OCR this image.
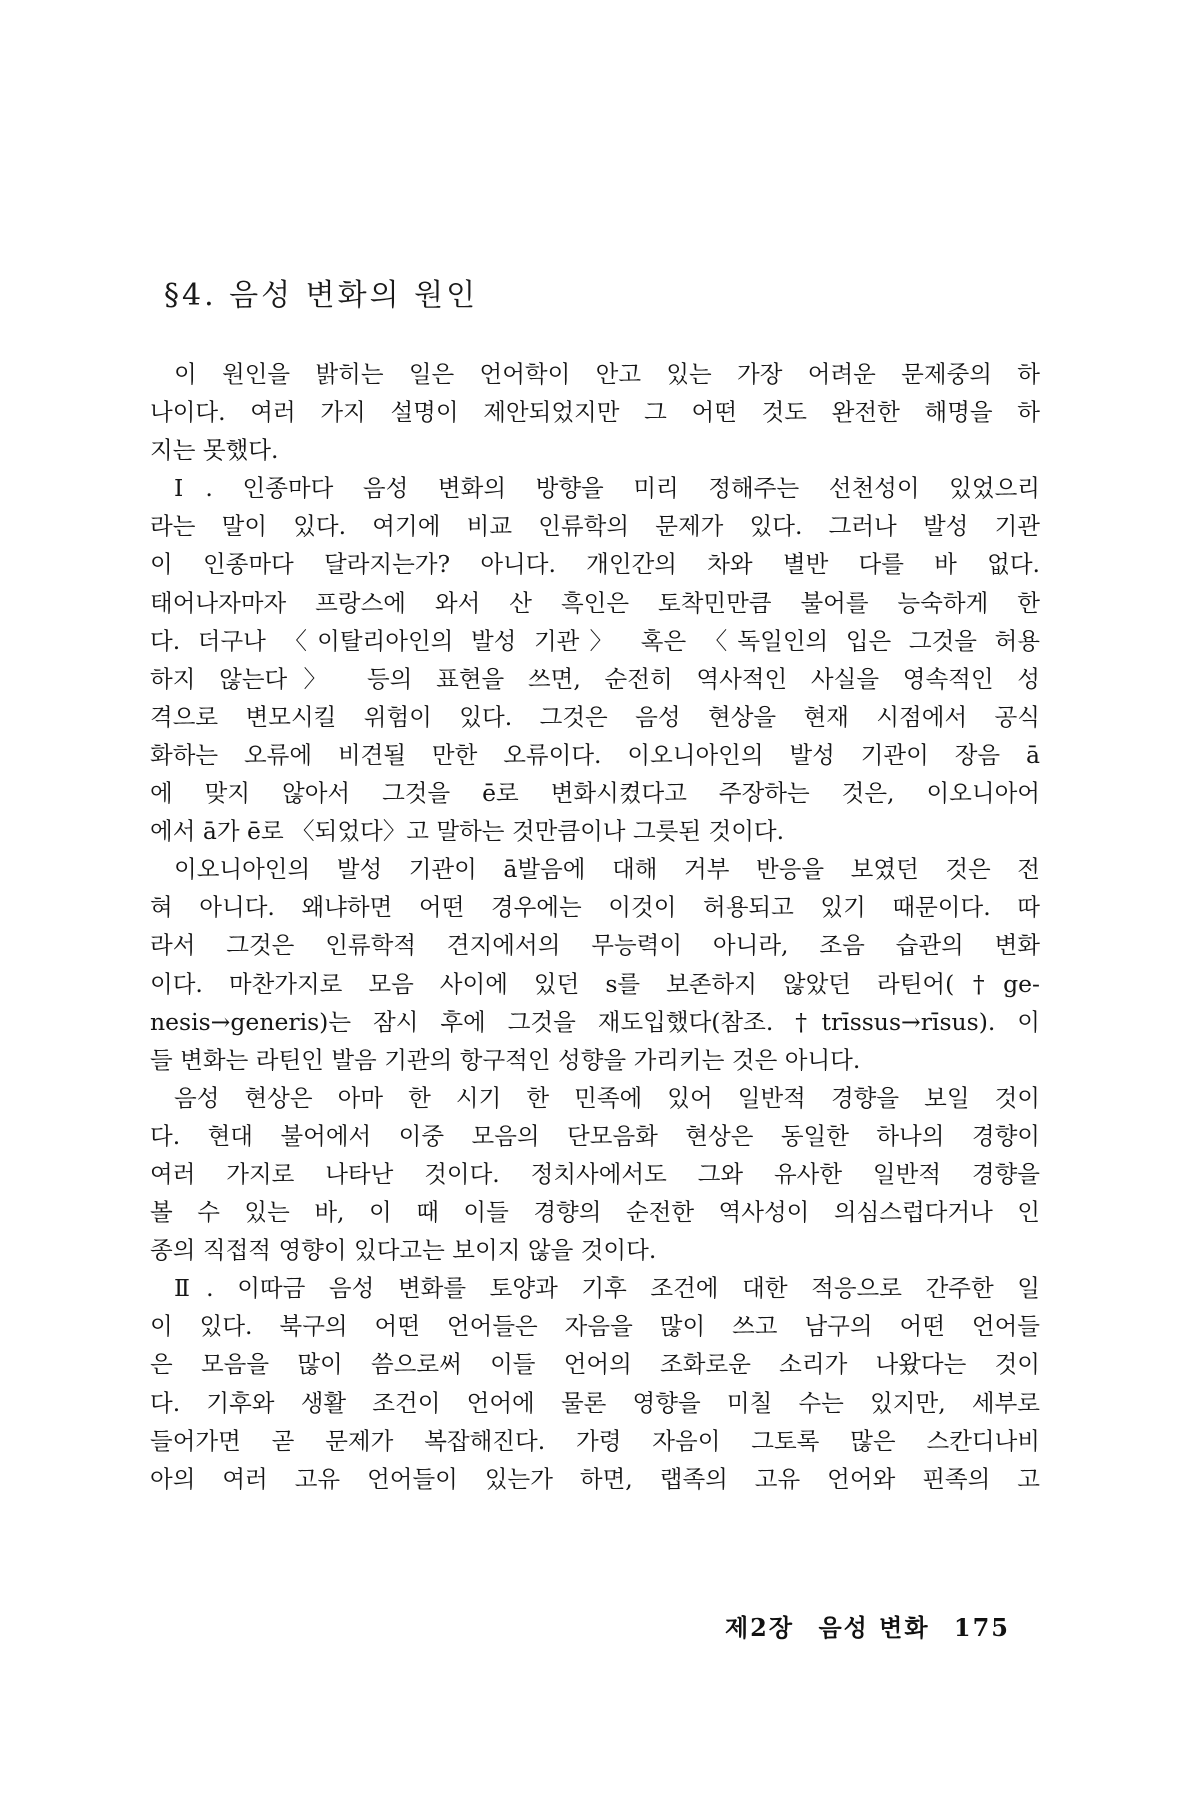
§4. 음성 변화의 원인
이 원인을 밝히는 일은 언어학이 안고 있는 가장 어려운 문제중의 하
나이다. 여러 가지 설명이 제안되었지만 그 어떤 것도 완전한 해명을 하
지는 못했다.
Ⅰ. 인종마다 음성 변화의 방향을 미리 정해주는 선천성이 있었으리
라는 말이 있다. 여기에 비교 인류학의 문제가 있다. 그러나 발성 기관
이 인종마다 달라지는가? 아니다. 개인간의 차와 별반 다를 바 없다.
태어나자마자 프랑스에 와서 산 흑인은 토착민만큼 불어를 능숙하게 한
다. 더구나 〈이탈리아인의 발성 기관〉 혹은 〈독일인의 입은 그것을 허용
하지 않는다〉 등의 표현을 쓰면, 순전히 역사적인 사실을 영속적인 성
격으로 변모시킬 위험이 있다. 그것은 음성 현상을 현재 시점에서 공식
화하는 오류에 비견될 만한 오류이다. 이오니아인의 발성 기관이 장음 ā
에 맞지 않아서 그것을 ē로 변화시켰다고 주장하는 것은, 이오니아어
에서 ā가 ē로 〈되었다〉고 말하는 것만큼이나 그릇된 것이다.
이오니아인의 발성 기관이 ā발음에 대해 거부 반응을 보였던 것은 전
혀 아니다. 왜냐하면 어떤 경우에는 이것이 허용되고 있기 때문이다. 따
라서 그것은 인류학적 견지에서의 무능력이 아니라, 조음 습관의 변화
이다. 마찬가지로 모음 사이에 있던 s를 보존하지 않았던 라틴어(†ge-
nesis→generis)는 잠시 후에 그것을 재도입했다(참조. †trīssus→rīsus). 이
들 변화는 라틴인 발음 기관의 항구적인 성향을 가리키는 것은 아니다.
음성 현상은 아마 한 시기 한 민족에 있어 일반적 경향을 보일 것이
다. 현대 불어에서 이중 모음의 단모음화 현상은 동일한 하나의 경향이
여러 가지로 나타난 것이다. 정치사에서도 그와 유사한 일반적 경향을
볼 수 있는 바, 이 때 이들 경향의 순전한 역사성이 의심스럽다거나 인
종의 직접적 영향이 있다고는 보이지 않을 것이다.
Ⅱ. 이따금 음성 변화를 토양과 기후 조건에 대한 적응으로 간주한 일
이 있다. 북구의 어떤 언어들은 자음을 많이 쓰고 남구의 어떤 언어들
은 모음을 많이 씀으로써 이들 언어의 조화로운 소리가 나왔다는 것이
다. 기후와 생활 조건이 언어에 물론 영향을 미칠 수는 있지만, 세부로
들어가면 곧 문제가 복잡해진다. 가령 자음이 그토록 많은 스칸디나비
아의 여러 고유 언어들이 있는가 하면, 랩족의 고유 언어와 핀족의 고
제2장 음성 변화 175
